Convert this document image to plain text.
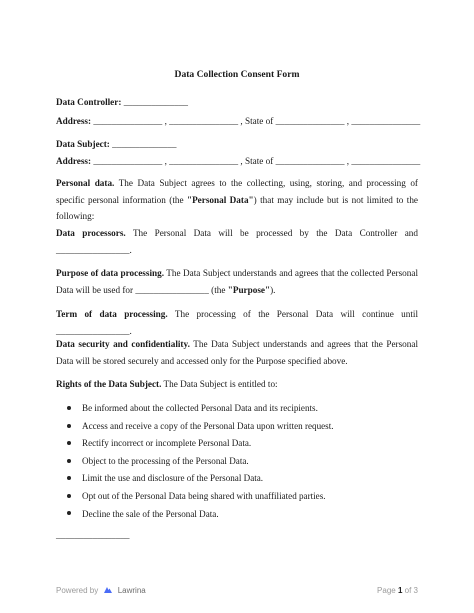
Data Collection Consent Form
Data Controller: ______________
Address: _______________ , _______________ , State of _______________ , _______________
Data Subject: ______________
Address: _______________ , _______________ , State of _______________ , _______________
Personal data. The Data Subject agrees to the collecting, using, storing, and processing of specific personal information (the "Personal Data") that may include but is not limited to the following:
Data processors. The Personal Data will be processed by the Data Controller and ________________.
Purpose of data processing. The Data Subject understands and agrees that the collected Personal Data will be used for ________________ (the "Purpose").
Term of data processing. The processing of the Personal Data will continue until ________________.
Data security and confidentiality. The Data Subject understands and agrees that the Personal Data will be stored securely and accessed only for the Purpose specified above.
Rights of the Data Subject. The Data Subject is entitled to:
Be informed about the collected Personal Data and its recipients.
Access and receive a copy of the Personal Data upon written request.
Rectify incorrect or incomplete Personal Data.
Object to the processing of the Personal Data.
Limit the use and disclosure of the Personal Data.
Opt out of the Personal Data being shared with unaffiliated parties.
Decline the sale of the Personal Data.
________________
Powered by Lawrina	Page 1 of 3
